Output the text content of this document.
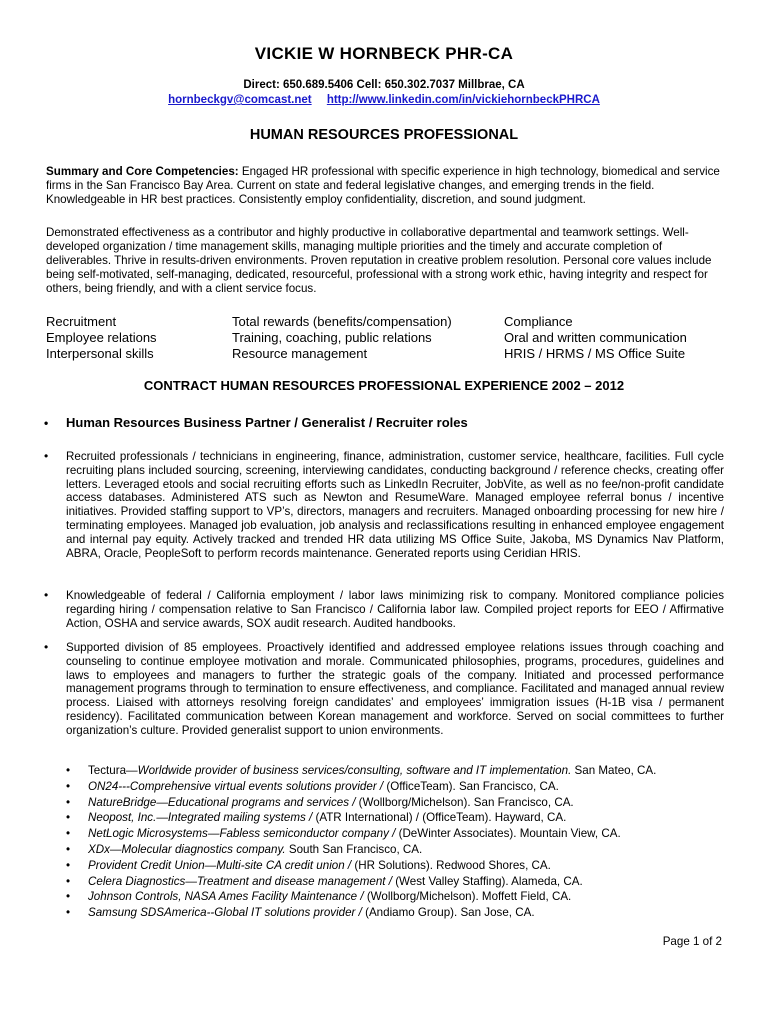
VICKIE W HORNBECK PHR-CA
Direct: 650.689.5406 Cell: 650.302.7037 Millbrae, CA
hornbeckgv@comcast.net http://www.linkedin.com/in/vickiehornbeckPHRCA
HUMAN RESOURCES PROFESSIONAL
Summary and Core Competencies: Engaged HR professional with specific experience in high technology, biomedical and service firms in the San Francisco Bay Area. Current on state and federal legislative changes, and emerging trends in the field. Knowledgeable in HR best practices. Consistently employ confidentiality, discretion, and sound judgment.
Demonstrated effectiveness as a contributor and highly productive in collaborative departmental and teamwork settings. Well-developed organization / time management skills, managing multiple priorities and the timely and accurate completion of deliverables. Thrive in results-driven environments. Proven reputation in creative problem resolution. Personal core values include being self-motivated, self-managing, dedicated, resourceful, professional with a strong work ethic, having integrity and respect for others, being friendly, and with a client service focus.
Recruitment	Total rewards (benefits/compensation)	Compliance
Employee relations	Training, coaching, public relations	Oral and written communication
Interpersonal skills	Resource management	HRIS / HRMS / MS Office Suite
CONTRACT HUMAN RESOURCES PROFESSIONAL EXPERIENCE 2002 – 2012
• Human Resources Business Partner / Generalist / Recruiter roles
• Recruited professionals / technicians in engineering, finance, administration, customer service, healthcare, facilities. Full cycle recruiting plans included sourcing, screening, interviewing candidates, conducting background / reference checks, creating offer letters. Leveraged etools and social recruiting efforts such as LinkedIn Recruiter, JobVite, as well as no fee/non-profit candidate access databases. Administered ATS such as Newton and ResumeWare. Managed employee referral bonus / incentive initiatives. Provided staffing support to VP’s, directors, managers and recruiters. Managed onboarding processing for new hire / terminating employees. Managed job evaluation, job analysis and reclassifications resulting in enhanced employee engagement and internal pay equity. Actively tracked and trended HR data utilizing MS Office Suite, Jakoba, MS Dynamics Nav Platform, ABRA, Oracle, PeopleSoft to perform records maintenance. Generated reports using Ceridian HRIS.
• Knowledgeable of federal / California employment / labor laws minimizing risk to company. Monitored compliance policies regarding hiring / compensation relative to San Francisco / California labor law. Compiled project reports for EEO / Affirmative Action, OSHA and service awards, SOX audit research. Audited handbooks.
• Supported division of 85 employees. Proactively identified and addressed employee relations issues through coaching and counseling to continue employee motivation and morale. Communicated philosophies, programs, procedures, guidelines and laws to employees and managers to further the strategic goals of the company. Initiated and processed performance management programs through to termination to ensure effectiveness, and compliance. Facilitated and managed annual review process. Liaised with attorneys resolving foreign candidates’ and employees’ immigration issues (H-1B visa / permanent residency). Facilitated communication between Korean management and workforce. Served on social committees to further organization’s culture. Provided generalist support to union environments.
• Tectura—Worldwide provider of business services/consulting, software and IT implementation. San Mateo, CA.
• ON24---Comprehensive virtual events solutions provider / (OfficeTeam). San Francisco, CA.
• NatureBridge—Educational programs and services / (Wollborg/Michelson). San Francisco, CA.
• Neopost, Inc.—Integrated mailing systems / (ATR International) / (OfficeTeam). Hayward, CA.
• NetLogic Microsystems—Fabless semiconductor company / (DeWinter Associates). Mountain View, CA.
• XDx—Molecular diagnostics company. South San Francisco, CA.
• Provident Credit Union—Multi-site CA credit union / (HR Solutions). Redwood Shores, CA.
• Celera Diagnostics—Treatment and disease management / (West Valley Staffing). Alameda, CA.
• Johnson Controls, NASA Ames Facility Maintenance / (Wollborg/Michelson). Moffett Field, CA.
• Samsung SDSAmerica--Global IT solutions provider / (Andiamo Group). San Jose, CA.
Page 1 of 2
